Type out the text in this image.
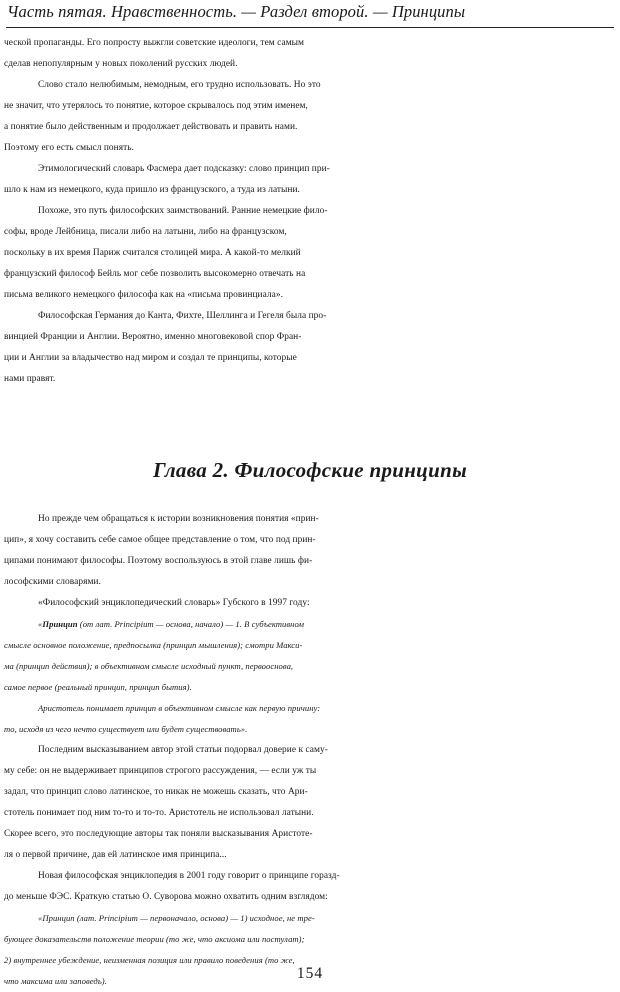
Часть пятая. Нравственность. — Раздел второй. — Принципы
ческой пропаганды. Его попросту выжгли советские идеологи, тем самым
сделав непопулярным у новых поколений русских людей.
Слово стало нелюбимым, немодным, его трудно использовать. Но это
не значит, что утерялось то понятие, которое скрывалось под этим именем,
а понятие было действенным и продолжает действовать и править нами.
Поэтому его есть смысл понять.
Этимологический словарь Фасмера дает подсказку: слово принцип при-
шло к нам из немецкого, куда пришло из французского, а туда из латыни.
Похоже, это путь философских заимствований. Ранние немецкие фило-
софы, вроде Лейбница, писали либо на латыни, либо на французском,
поскольку в их время Париж считался столицей мира. А какой-то мелкий
французский философ Бейль мог себе позволить высокомерно отвечать на
письма великого немецкого философа как на «письма провинциала».
Философская Германия до Канта, Фихте, Шеллинга и Гегеля была про-
винцией Франции и Англии. Вероятно, именно многовековой спор Фран-
ции и Англии за владычество над миром и создал те принципы, которые
нами правят.
Глава 2. Философские принципы
Но прежде чем обращаться к истории возникновения понятия «прин-
цип», я хочу составить себе самое общее представление о том, что под прин-
ципами понимают философы. Поэтому воспользуюсь в этой главе лишь фи-
лософскими словарями.
«Философский энциклопедический словарь» Губского в 1997 году:
«Принцип (от лат. Principium — основа, начало) — 1. В субъективном
смысле основное положение, предпосылка (принцип мышления); смотри Макси-
ма (принцип действия); в объективном смысле исходный пункт, первооснова,
самое первое (реальный принцип, принцип бытия).
Аристотель понимает принцип в объективном смысле как первую причину:
то, исходя из чего нечто существует или будет существовать».
Последним высказыванием автор этой статьи подорвал доверие к саму-
му себе: он не выдерживает принципов строгого рассуждения, — если уж ты
задал, что принцип слово латинское, то никак не можешь сказать, что Ари-
стотель понимает под ним то-то и то-то. Аристотель не использовал латыни.
Скорее всего, это последующие авторы так поняли высказывания Аристоте-
ля о первой причине, дав ей латинское имя принципа...
Новая философская энциклопедия в 2001 году говорит о принципе горазд-
до меньше ФЭС. Краткую статью О. Суворова можно охватить одним взглядом:
«Принцип (лат. Principium — первоначало, основа) — 1) исходное, не тре-
бующее доказательств положение теории (то же, что аксиома или постулат);
2) внутреннее убеждение, неизменная позиция или правило поведения (то же,
что максима или заповедь).	154
